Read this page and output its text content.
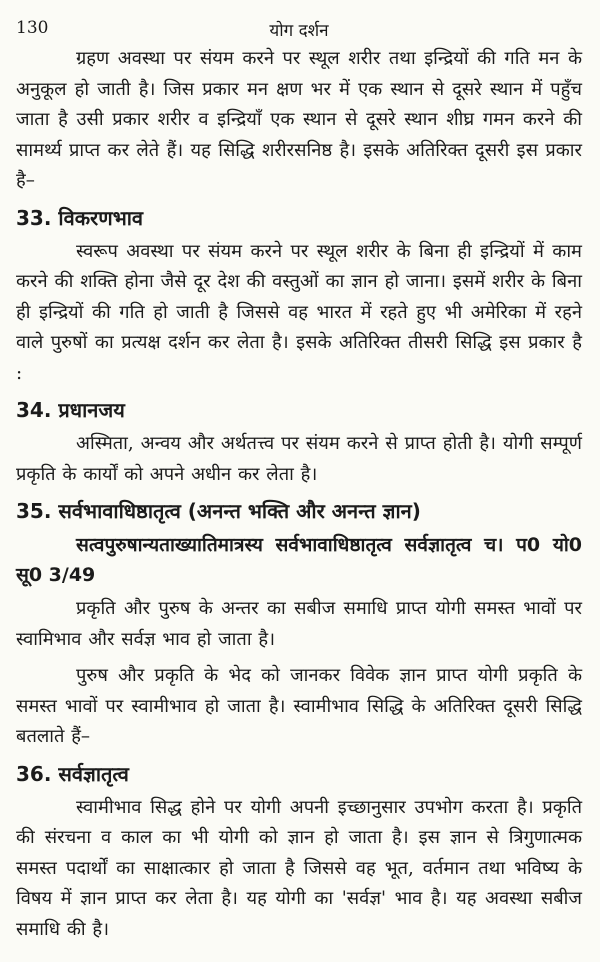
130	योग दर्शन

ग्रहण अवस्था पर संयम करने पर स्थूल शरीर तथा इन्द्रियों की गति मन के अनुकूल हो जाती है। जिस प्रकार मन क्षण भर में एक स्थान से दूसरे स्थान में पहुँच जाता है उसी प्रकार शरीर व इन्द्रियाँ एक स्थान से दूसरे स्थान शीघ्र गमन करने की सामर्थ्य प्राप्त कर लेते हैं। यह सिद्धि शरीरसनिष्ठ है। इसके अतिरिक्त दूसरी इस प्रकार है–

33. विकरणभाव

स्वरूप अवस्था पर संयम करने पर स्थूल शरीर के बिना ही इन्द्रियों में काम करने की शक्ति होना जैसे दूर देश की वस्तुओं का ज्ञान हो जाना। इसमें शरीर के बिना ही इन्द्रियों की गति हो जाती है जिससे वह भारत में रहते हुए भी अमेरिका में रहने वाले पुरुषों का प्रत्यक्ष दर्शन कर लेता है। इसके अतिरिक्त तीसरी सिद्धि इस प्रकार है :

34. प्रधानजय

अस्मिता, अन्वय और अर्थतत्त्व पर संयम करने से प्राप्त होती है। योगी सम्पूर्ण प्रकृति के कार्यों को अपने अधीन कर लेता है।

35. सर्वभावाधिष्ठातृत्व (अनन्त भक्ति और अनन्त ज्ञान)
सत्वपुरुषान्यताख्यातिमात्रस्य सर्वभावाधिष्ठातृत्व सर्वज्ञातृत्व च। प0 यो0 सू0 3/49

प्रकृति और पुरुष के अन्तर का सबीज समाधि प्राप्त योगी समस्त भावों पर स्वामिभाव और सर्वज्ञ भाव हो जाता है।

पुरुष और प्रकृति के भेद को जानकर विवेक ज्ञान प्राप्त योगी प्रकृति के समस्त भावों पर स्वामीभाव हो जाता है। स्वामीभाव सिद्धि के अतिरिक्त दूसरी सिद्धि बतलाते हैं–

36. सर्वज्ञातृत्व

स्वामीभाव सिद्ध होने पर योगी अपनी इच्छानुसार उपभोग करता है। प्रकृति की संरचना व काल का भी योगी को ज्ञान हो जाता है। इस ज्ञान से त्रिगुणात्मक समस्त पदार्थों का साक्षात्कार हो जाता है जिससे वह भूत, वर्तमान तथा भविष्य के विषय में ज्ञान प्राप्त कर लेता है। यह योगी का 'सर्वज्ञ' भाव है। यह अवस्था सबीज समाधि की है।
